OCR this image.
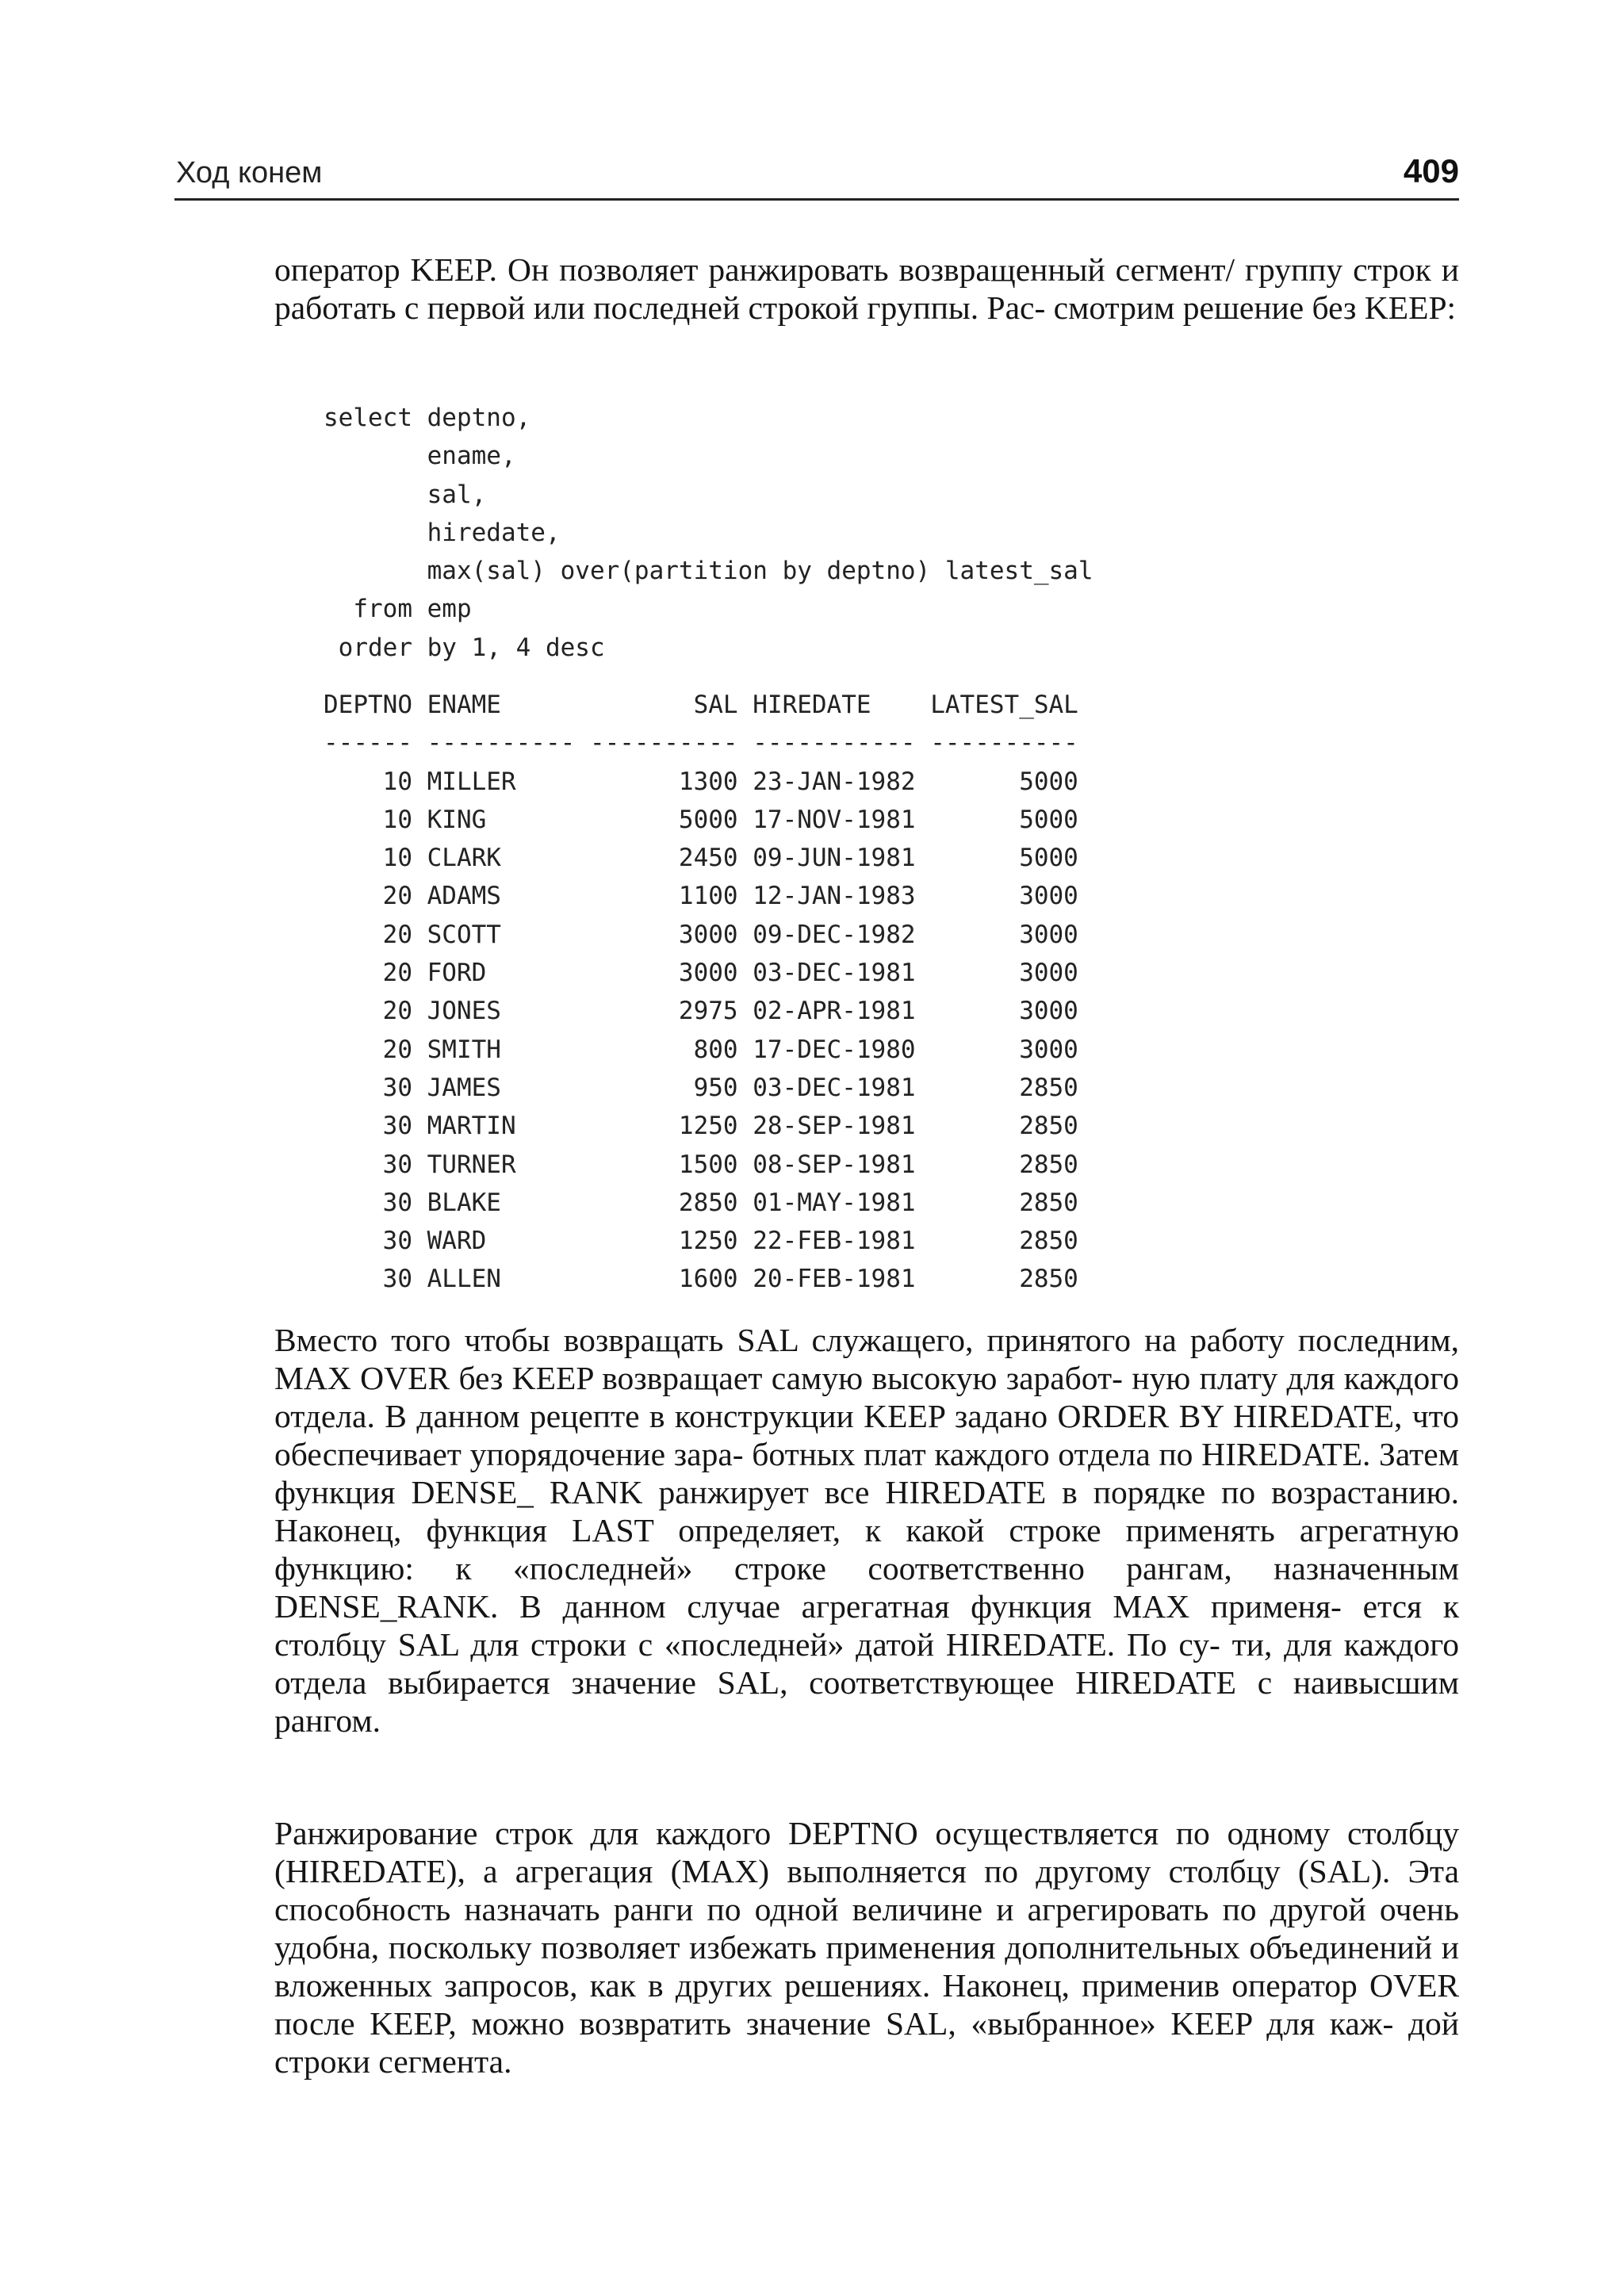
Ход конем	409

оператор KEEP. Он позволяет ранжировать возвращенный сегмент/ группу строк и работать с первой или последней строкой группы. Рас- смотрим решение без KEEP:

select deptno,
ename,
sal,
hiredate,
max(sal) over(partition by deptno) latest_sal
from emp
order by 1, 4 desc
DEPTNO ENAME             SAL HIREDATE    LATEST_SAL
------ ---------- ---------- ----------- ----------
10 MILLER           1300 23-JAN-1982       5000
10 KING             5000 17-NOV-1981       5000
10 CLARK            2450 09-JUN-1981       5000
20 ADAMS            1100 12-JAN-1983       3000
20 SCOTT            3000 09-DEC-1982       3000
20 FORD             3000 03-DEC-1981       3000
20 JONES            2975 02-APR-1981       3000
20 SMITH             800 17-DEC-1980       3000
30 JAMES             950 03-DEC-1981       2850
30 MARTIN           1250 28-SEP-1981       2850
30 TURNER           1500 08-SEP-1981       2850
30 BLAKE            2850 01-MAY-1981       2850
30 WARD             1250 22-FEB-1981       2850
30 ALLEN            1600 20-FEB-1981       2850

Вместо того чтобы возвращать SAL служащего, принятого на работу последним, MAX OVER без KEEP возвращает самую высокую заработ- ную плату для каждого отдела. В данном рецепте в конструкции KEEP задано ORDER BY HIREDATE, что обеспечивает упорядочение зара- ботных плат каждого отдела по HIREDATE. Затем функция DENSE_ RANK ранжирует все HIREDATE в порядке по возрастанию. Наконец, функция LAST определяет, к какой строке применять агрегатную функцию: к «последней» строке соответственно рангам, назначенным DENSE_RANK. В данном случае агрегатная функция MAX применя- ется к столбцу SAL для строки с «последней» датой HIREDATE. По су- ти, для каждого отдела выбирается значение SAL, соответствующее HIREDATE с наивысшим рангом.

Ранжирование строк для каждого DEPTNO осуществляется по одному столбцу (HIREDATE), а агрегация (MAX) выполняется по другому столбцу (SAL). Эта способность назначать ранги по одной величине и агрегировать по другой очень удобна, поскольку позволяет избежать применения дополнительных объединений и вложенных запросов, как в других решениях. Наконец, применив оператор OVER после KEEP, можно возвратить значение SAL, «выбранное» KEEP для каж- дой строки сегмента.
